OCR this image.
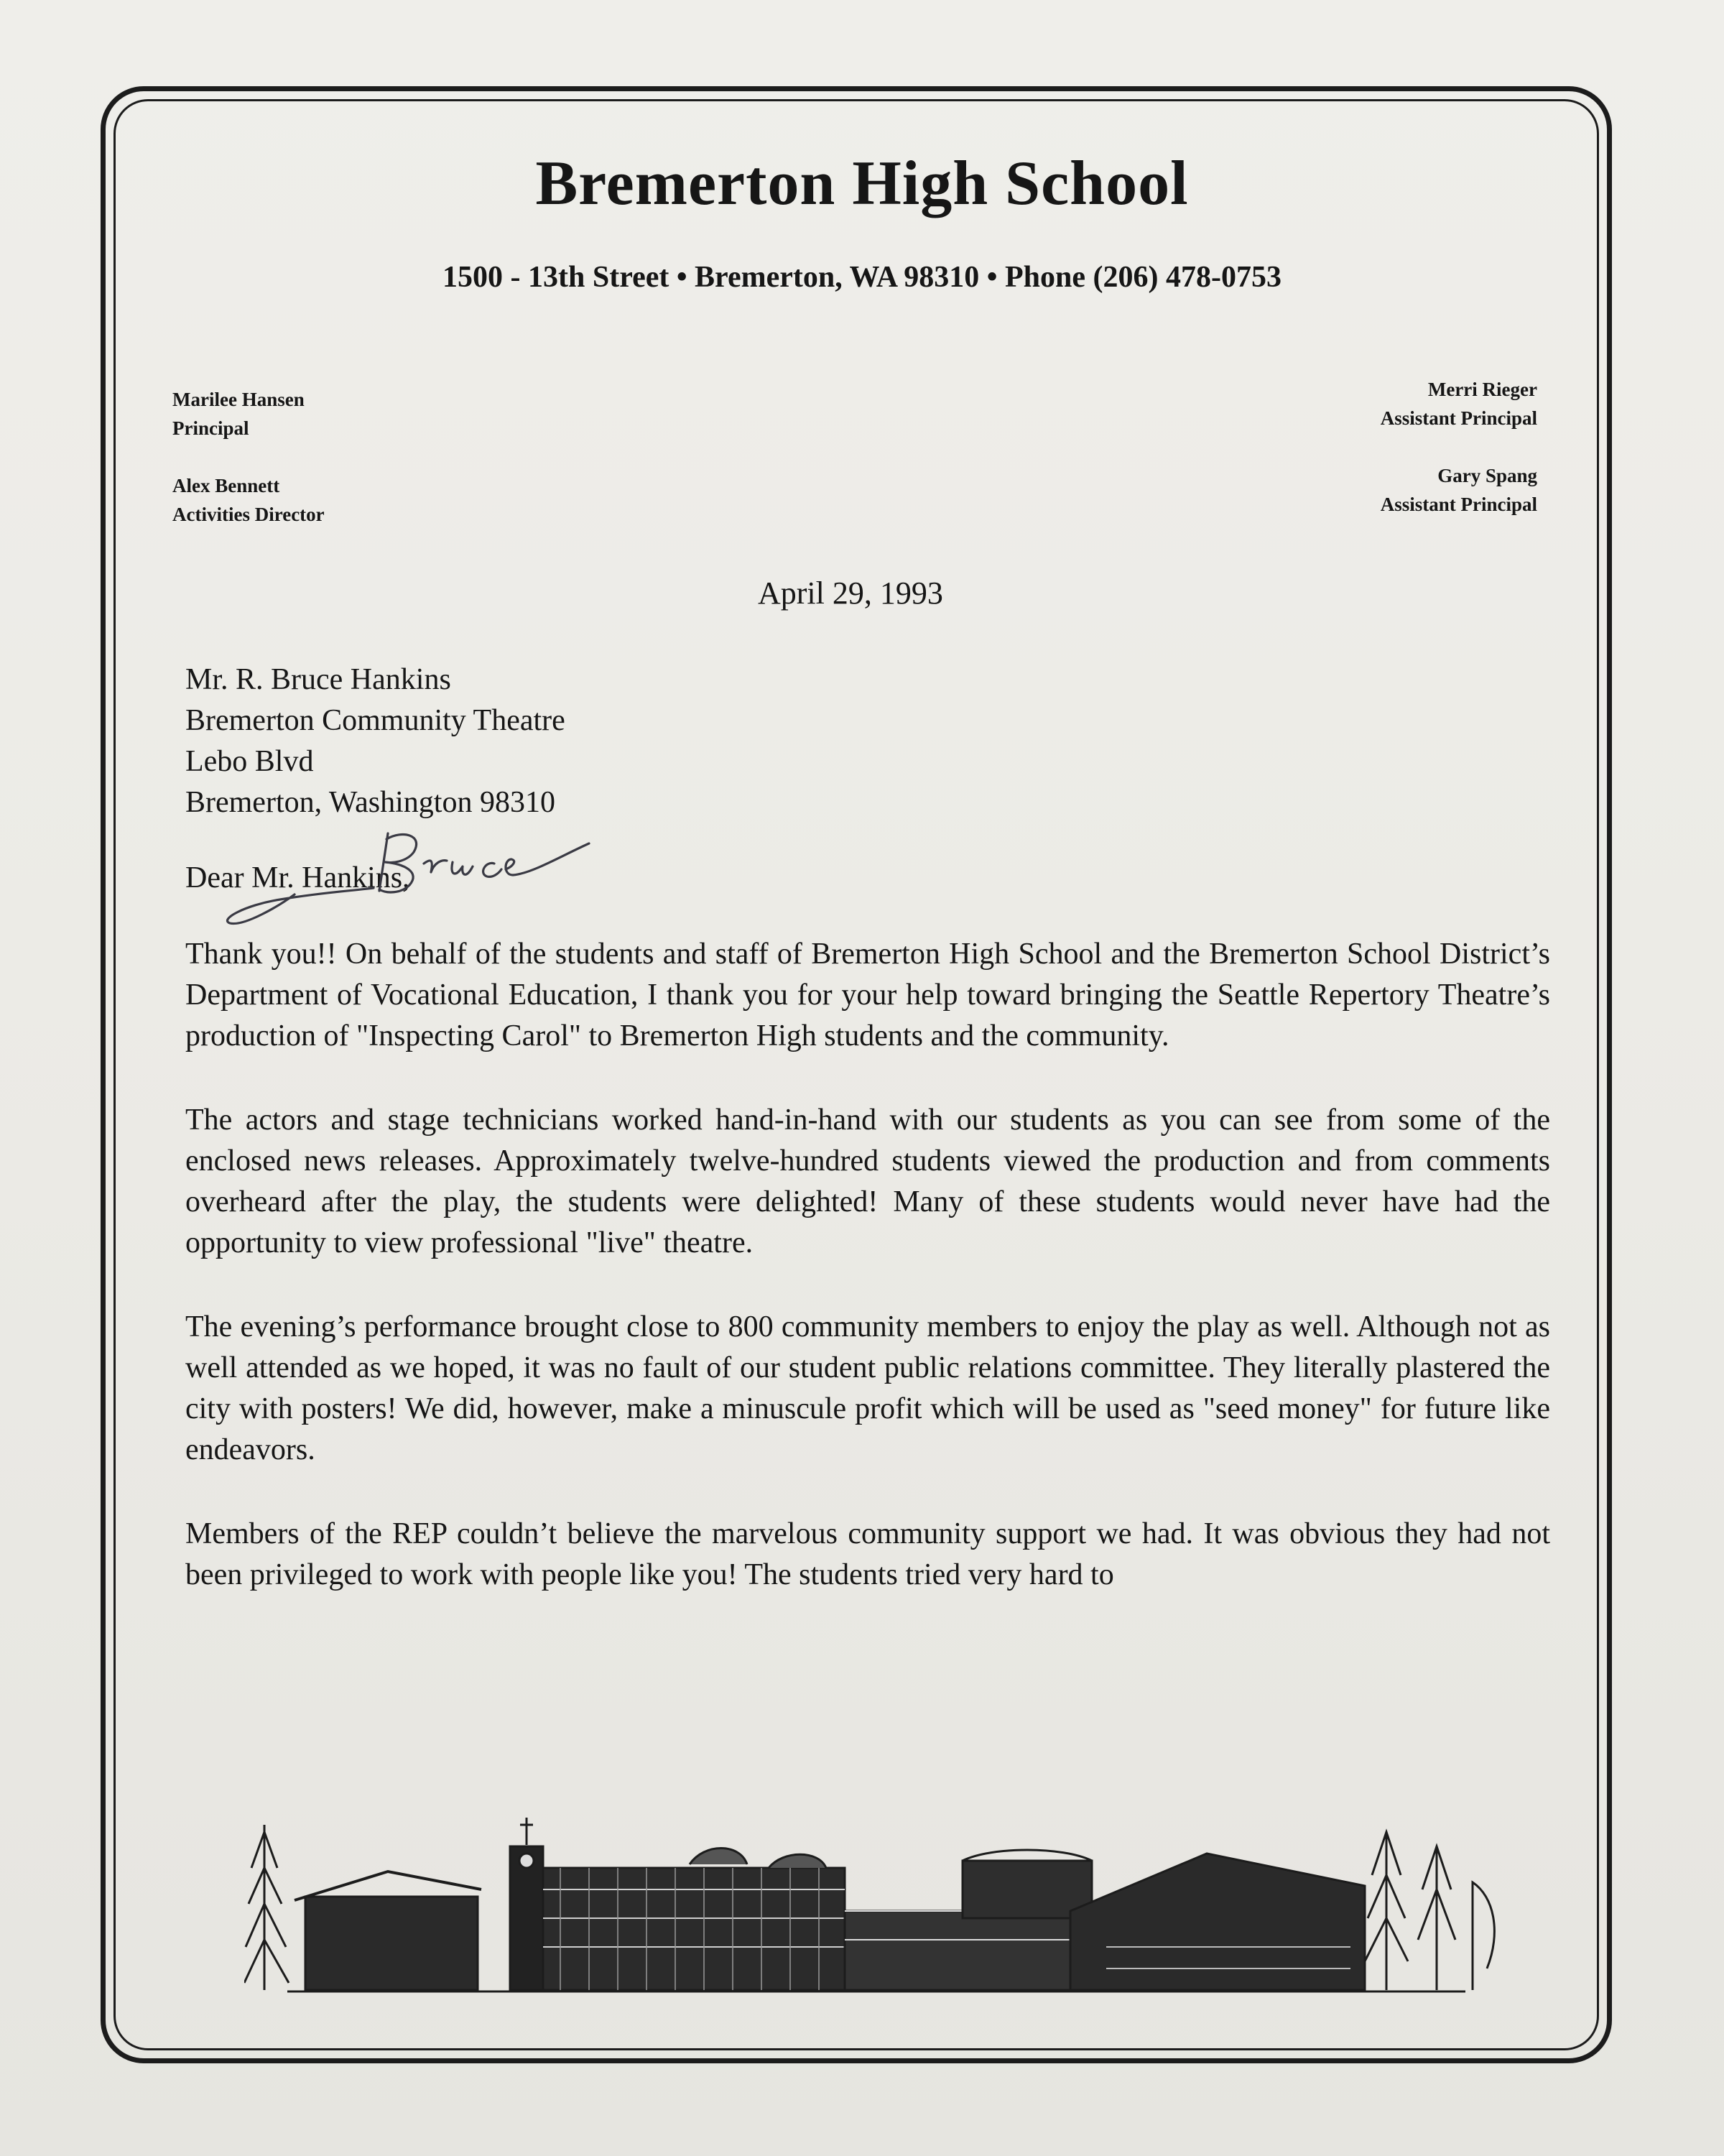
Bremerton High School
1500 - 13th Street • Bremerton, WA 98310 • Phone (206) 478-0753
Marilee Hansen
Principal
Alex Bennett
Activities Director
Merri Rieger
Assistant Principal
Gary Spang
Assistant Principal
April 29, 1993
Mr. R. Bruce Hankins
Bremerton Community Theatre
Lebo Blvd
Bremerton, Washington 98310
Dear Mr. Hankins,

Thank you!! On behalf of the students and staff of Bremerton High School and the Bremerton School District’s Department of Vocational Education, I thank you for your help toward bringing the Seattle Repertory Theatre’s production of "Inspecting Carol" to Bremerton High students and the community.

The actors and stage technicians worked hand-in-hand with our students as you can see from some of the enclosed news releases. Approximately twelve-hundred students viewed the production and from comments overheard after the play, the students were delighted! Many of these students would never have had the opportunity to view professional "live" theatre.

The evening’s performance brought close to 800 community members to enjoy the play as well. Although not as well attended as we hoped, it was no fault of our student public relations committee. They literally plastered the city with posters! We did, however, make a minuscule profit which will be used as "seed money" for future like endeavors.

Members of the REP couldn’t believe the marvelous community support we had. It was obvious they had not been privileged to work with people like you! The students tried very hard to
